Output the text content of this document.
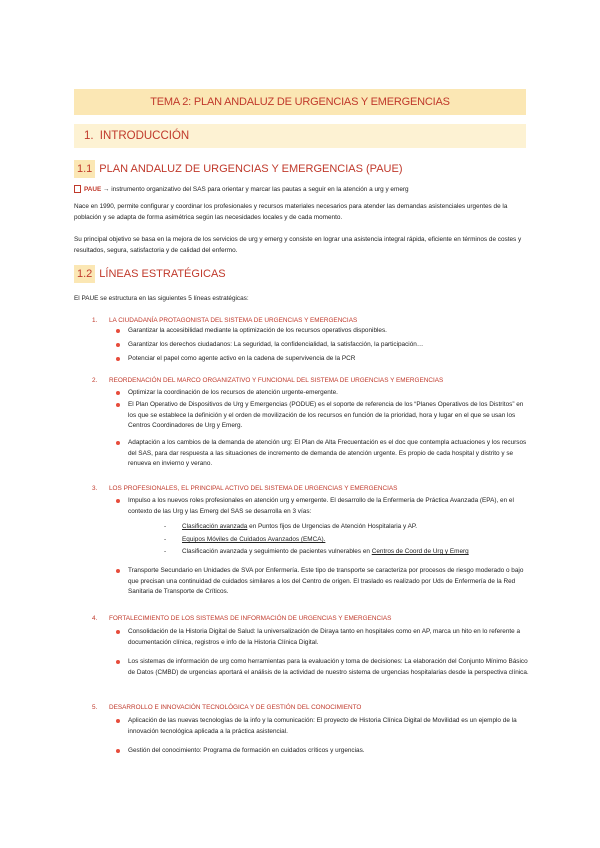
TEMA 2: PLAN ANDALUZ DE URGENCIAS Y EMERGENCIAS
1. INTRODUCCIÓN
1.1 PLAN ANDALUZ DE URGENCIAS Y EMERGENCIAS (PAUE)
PAUE → instrumento organizativo del SAS para orientar y marcar las pautas a seguir en la atención a urg y emerg
Nace en 1990, permite configurar y coordinar los profesionales y recursos materiales necesarios para atender las demandas asistenciales urgentes de la población y se adapta de forma asimétrica según las necesidades locales y de cada momento.
Su principal objetivo se basa en la mejora de los servicios de urg y emerg y consiste en lograr una asistencia integral rápida, eficiente en términos de costes y resultados, segura, satisfactoria y de calidad del enfermo.
1.2 LÍNEAS ESTRATÉGICAS
El PAUE se estructura en las siguientes 5 líneas estratégicas:
1. LA CIUDADANÍA PROTAGONISTA DEL SISTEMA DE URGENCIAS Y EMERGENCIAS
Garantizar la accesibilidad mediante la optimización de los recursos operativos disponibles.
Garantizar los derechos ciudadanos: La seguridad, la confidencialidad, la satisfacción, la participación…
Potenciar el papel como agente activo en la cadena de supervivencia de la PCR
2. REORDENACIÓN DEL MARCO ORGANIZATIVO Y FUNCIONAL DEL SISTEMA DE URGENCIAS Y EMERGENCIAS
Optimizar la coordinación de los recursos de atención urgente-emergente.
El Plan Operativo de Dispositivos de Urg y Emergencias (PODUE) es el soporte de referencia de los “Planes Operativos de los Distritos” en los que se establece la definición y el orden de movilización de los recursos en función de la prioridad, hora y lugar en el que se usan los Centros Coordinadores de Urg y Emerg.
Adaptación a los cambios de la demanda de atención urg: El Plan de Alta Frecuentación es el doc que contempla actuaciones y los recursos del SAS, para dar respuesta a las situaciones de incremento de demanda de atención urgente. Es propio de cada hospital y distrito y se renueva en invierno y verano.
3. LOS PROFESIONALES, EL PRINCIPAL ACTIVO DEL SISTEMA DE URGENCIAS Y EMERGENCIAS
Impulso a los nuevos roles profesionales en atención urg y emergente. El desarrollo de la Enfermería de Práctica Avanzada (EPA), en el contexto de las Urg y las Emerg del SAS se desarrolla en 3 vías:
- Clasificación avanzada en Puntos fijos de Urgencias de Atención Hospitalaria y AP.
- Equipos Móviles de Cuidados Avanzados (EMCA).
- Clasificación avanzada y seguimiento de pacientes vulnerables en Centros de Coord de Urg y Emerg
Transporte Secundario en Unidades de SVA por Enfermería. Este tipo de transporte se caracteriza por procesos de riesgo moderado o bajo que precisan una continuidad de cuidados similares a los del Centro de origen. El traslado es realizado por Uds de Enfermería de la Red Sanitaria de Transporte de Críticos.
4. FORTALECIMIENTO DE LOS SISTEMAS DE INFORMACIÓN DE URGENCIAS Y EMERGENCIAS
Consolidación de la Historia Digital de Salud: la universalización de Diraya tanto en hospitales como en AP, marca un hito en lo referente a documentación clínica, registros e info de la Historia Clínica Digital.
Los sistemas de información de urg como herramientas para la evaluación y toma de decisiones: La elaboración del Conjunto Mínimo Básico de Datos (CMBD) de urgencias aportará el análisis de la actividad de nuestro sistema de urgencias hospitalarias desde la perspectiva clínica.
5. DESARROLLO E INNOVACIÓN TECNOLÓGICA Y DE GESTIÓN DEL CONOCIMIENTO
Aplicación de las nuevas tecnologías de la info y la comunicación: El proyecto de Historia Clínica Digital de Movilidad es un ejemplo de la innovación tecnológica aplicada a la práctica asistencial.
Gestión del conocimiento: Programa de formación en cuidados críticos y urgencias.
